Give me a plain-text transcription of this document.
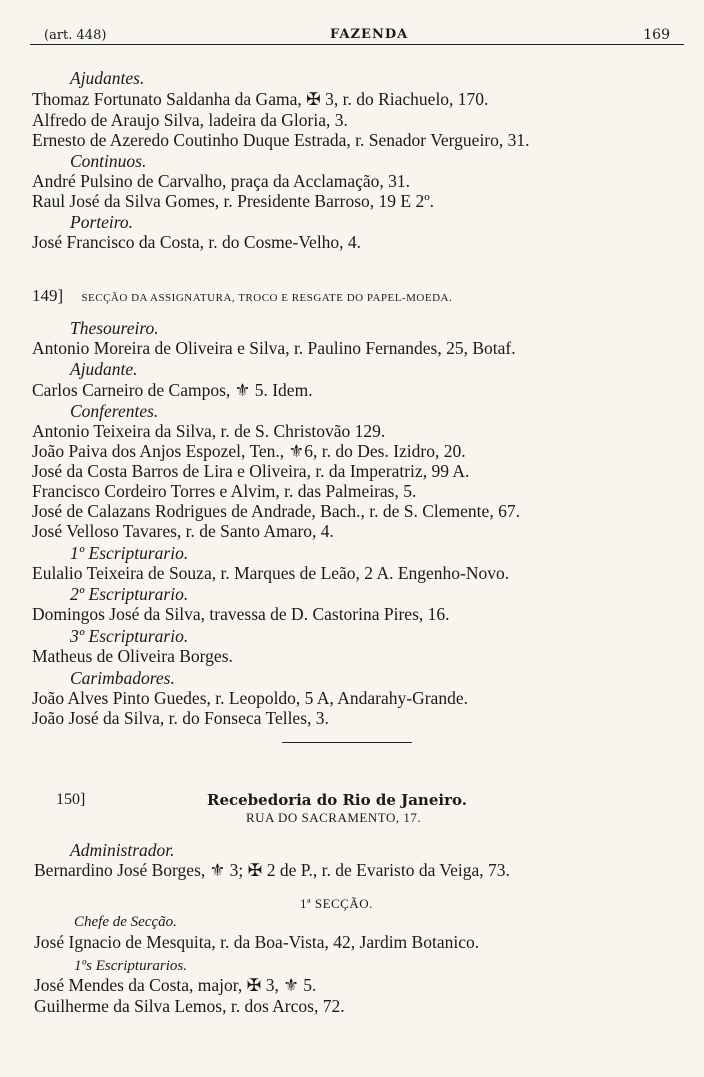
(art. 448)	FAZENDA	169
Ajudantes.
Thomaz Fortunato Saldanha da Gama, ✠ 3, r. do Riachuelo, 170.
Alfredo de Araujo Silva, ladeira da Gloria, 3.
Ernesto de Azeredo Coutinho Duque Estrada, r. Senador Vergueiro, 31.
Continuos.
André Pulsino de Carvalho, praça da Acclamação, 31.
Raul José da Silva Gomes, r. Presidente Barroso, 19 E 2º.
Porteiro.
José Francisco da Costa, r. do Cosme-Velho, 4.
149] SECÇÃO DA ASSIGNATURA, TROCO E RESGATE DO PAPEL-MOEDA.
Thesoureiro.
Antonio Moreira de Oliveira e Silva, r. Paulino Fernandes, 25, Botaf.
Ajudante.
Carlos Carneiro de Campos, ⚜ 5. Idem.
Conferentes.
Antonio Teixeira da Silva, r. de S. Christovão 129.
João Paiva dos Anjos Espozel, Ten., ⚜6, r. do Des. Izidro, 20.
José da Costa Barros de Lira e Oliveira, r. da Imperatriz, 99 A.
Francisco Cordeiro Torres e Alvim, r. das Palmeiras, 5.
José de Calazans Rodrigues de Andrade, Bach., r. de S. Clemente, 67.
José Velloso Tavares, r. de Santo Amaro, 4.
1º Escripturario.
Eulalio Teixeira de Souza, r. Marques de Leão, 2 A. Engenho-Novo.
2º Escripturario.
Domingos José da Silva, travessa de D. Castorina Pires, 16.
3º Escripturario.
Matheus de Oliveira Borges.
Carimbadores.
João Alves Pinto Guedes, r. Leopoldo, 5 A, Andarahy-Grande.
João José da Silva, r. do Fonseca Telles, 3.
150]	Recebedoria do Rio de Janeiro.
RUA DO SACRAMENTO, 17.
Administrador.
Bernardino José Borges, ⚜ 3; ✠ 2 de P., r. de Evaristo da Veiga, 73.
1ª SECÇÃO.
Chefe de Secção.
José Ignacio de Mesquita, r. da Boa-Vista, 42, Jardim Botanico.
1ºs Escripturarios.
José Mendes da Costa, major, ✠ 3, ⚜ 5.
Guilherme da Silva Lemos, r. dos Arcos, 72.
